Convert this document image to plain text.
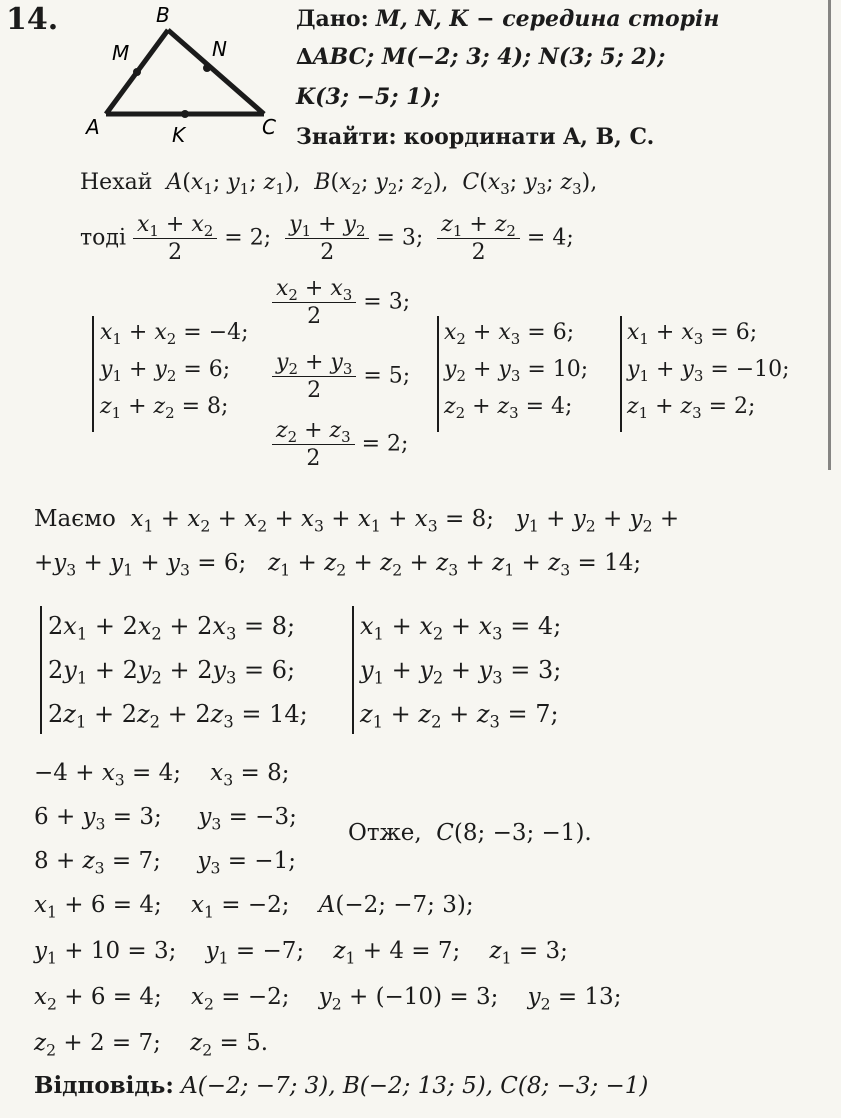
14.	B
M	N
A	K	C
Дано: M, N, K − середина сторін
∆ABC; M(−2; 3; 4); N(3; 5; 2);
K(3; −5; 1);
Знайти: координати A, B, C.
Нехай $A(x_1$; $y_1$; $z_1$),  $B(x_2$; $y_2$; $z_2$),  $C(x_3$; $y_3$; $z_3$),
тоді $\frac{x_1 + x_2}{2} = 2$; $\frac{y_1 + y_2}{2} = 3$; $\frac{z_1 + z_2}{2} = 4$;
$\frac{x_2 + x_3}{2} = 3$;
$\frac{y_2 + y_3}{2} = 5$;
$\frac{z_2 + z_3}{2} = 2$;
$x_1 + x_2 = -4$;
$y_1 + y_2 = 6$;
$z_1 + z_2 = 8$;
$x_2 + x_3 = 6$;
$y_2 + y_3 = 10$;
$z_2 + z_3 = 4$;
$x_1 + x_3 = 6$;
$y_1 + y_3 = -10$;
$z_1 + z_3 = 2$;
Маємо $x_1 + x_2 + x_2 + x_3 + x_1 + x_3 = 8$;   $y_1 + y_2 + y_2$ +
$+y_3 + y_1 + y_3 = 6$;   $z_1 + z_2 + z_2 + z_3 + z_1 + z_3 = 14$;
$2x_1 + 2x_2 + 2x_3 = 8$;
$2y_1 + 2y_2 + 2y_3 = 6$;
$2z_1 + 2z_2 + 2z_3 = 14$;
$x_1 + x_2 + x_3 = 4$;
$y_1 + y_2 + y_3 = 3$;
$z_1 + z_2 + z_3 = 7$;
$-4 + x_3 = 4$;    $x_3 = 8$;
$6 + y_3 = 3$;     $y_3 = -3$;
Отже, C(8; −3; −1).
$8 + z_3 = 7$;     $y_3 = -1$;
$x_1 + 6 = 4$;    $x_1 = -2$;    A(−2; −7; 3);
$y_1 + 10 = 3$;    $y_1 = -7$;    $z_1 + 4 = 7$;    $z_1 = 3$;
$x_2 + 6 = 4$;    $x_2 = -2$;    $y_2 + (-10) = 3$;    $y_2 = 13$;
$z_2 + 2 = 7$;    $z_2 = 5$.
Відповідь: A(−2; −7; 3), B(−2; 13; 5), C(8; −3; −1)
